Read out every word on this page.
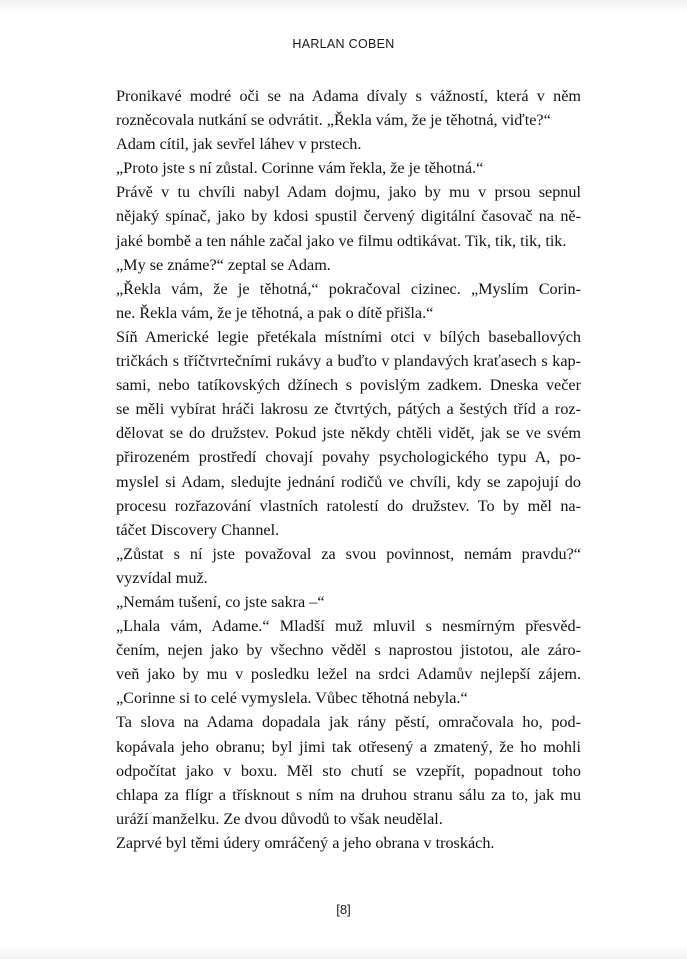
HARLAN COBEN
Pronikavé modré oči se na Adama dívaly s vážností, která v něm
rozněcovala nutkání se odvrátit. „Řekla vám, že je těhotná, viďte?“
Adam cítil, jak sevřel láhev v prstech.
„Proto jste s ní zůstal. Corinne vám řekla, že je těhotná.“
Právě v tu chvíli nabyl Adam dojmu, jako by mu v prsou sepnul
nějaký spínač, jako by kdosi spustil červený digitální časovač na ně-
jaké bombě a ten náhle začal jako ve filmu odtikávat. Tik, tik, tik, tik.
„My se známe?“ zeptal se Adam.
„Řekla vám, že je těhotná,“ pokračoval cizinec. „Myslím Corin-
ne. Řekla vám, že je těhotná, a pak o dítě přišla.“
Síň Americké legie přetékala místními otci v bílých baseballových
tričkách s tříčtvrtečními rukávy a buďto v plandavých kraťasech s kap-
sami, nebo tatíkovských džínech s povislým zadkem. Dneska večer
se měli vybírat hráči lakrosu ze čtvrtých, pátých a šestých tříd a roz-
dělovat se do družstev. Pokud jste někdy chtěli vidět, jak se ve svém
přirozeném prostředí chovají povahy psychologického typu A, po-
myslel si Adam, sledujte jednání rodičů ve chvíli, kdy se zapojují do
procesu rozřazování vlastních ratolestí do družstev. To by měl na-
táčet Discovery Channel.
„Zůstat s ní jste považoval za svou povinnost, nemám pravdu?“
vyzvídal muž.
„Nemám tušení, co jste sakra –“
„Lhala vám, Adame.“ Mladší muž mluvil s nesmírným přesvěd-
čením, nejen jako by všechno věděl s naprostou jistotou, ale záro-
veň jako by mu v posledku ležel na srdci Adamův nejlepší zájem.
„Corinne si to celé vymyslela. Vůbec těhotná nebyla.“
Ta slova na Adama dopadala jak rány pěstí, omračovala ho, pod-
kopávala jeho obranu; byl jimi tak otřesený a zmatený, že ho mohli
odpočítat jako v boxu. Měl sto chutí se vzepřít, popadnout toho
chlapa za flígr a třísknout s ním na druhou stranu sálu za to, jak mu
uráží manželku. Ze dvou důvodů to však neudělal.
Zaprvé byl těmi údery omráčený a jeho obrana v troskách.
[8]
